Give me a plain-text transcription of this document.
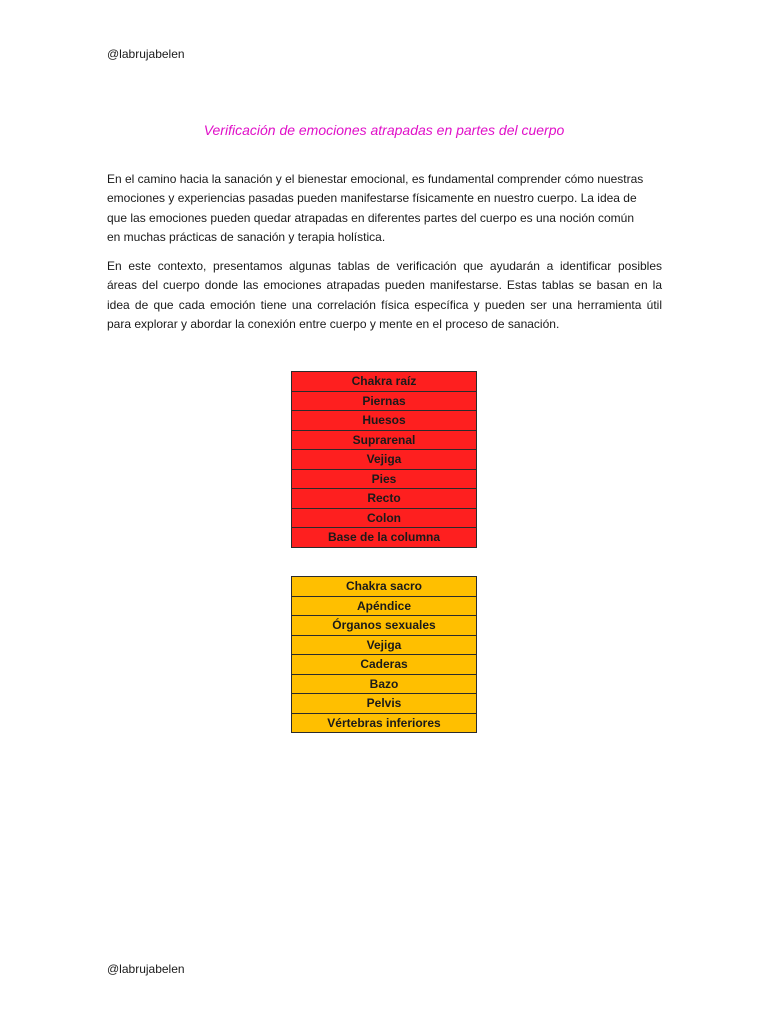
@labrujabelen
Verificación de emociones atrapadas en partes del cuerpo

En el camino hacia la sanación y el bienestar emocional, es fundamental comprender cómo nuestras
emociones y experiencias pasadas pueden manifestarse físicamente en nuestro cuerpo. La idea de
que las emociones pueden quedar atrapadas en diferentes partes del cuerpo es una noción común
en muchas prácticas de sanación y terapia holística.

En este contexto, presentamos algunas tablas de verificación que ayudarán a identificar posibles
áreas del cuerpo donde las emociones atrapadas pueden manifestarse. Estas tablas se basan en la
idea de que cada emoción tiene una correlación física específica y pueden ser una herramienta útil
para explorar y abordar la conexión entre cuerpo y mente en el proceso de sanación.

Chakra raíz
Piernas
Huesos
Suprarenal
Vejiga
Pies
Recto
Colon
Base de la columna
Chakra sacro
Apéndice
Órganos sexuales
Vejiga
Caderas
Bazo
Pelvis
Vértebras inferiores
@labrujabelen
